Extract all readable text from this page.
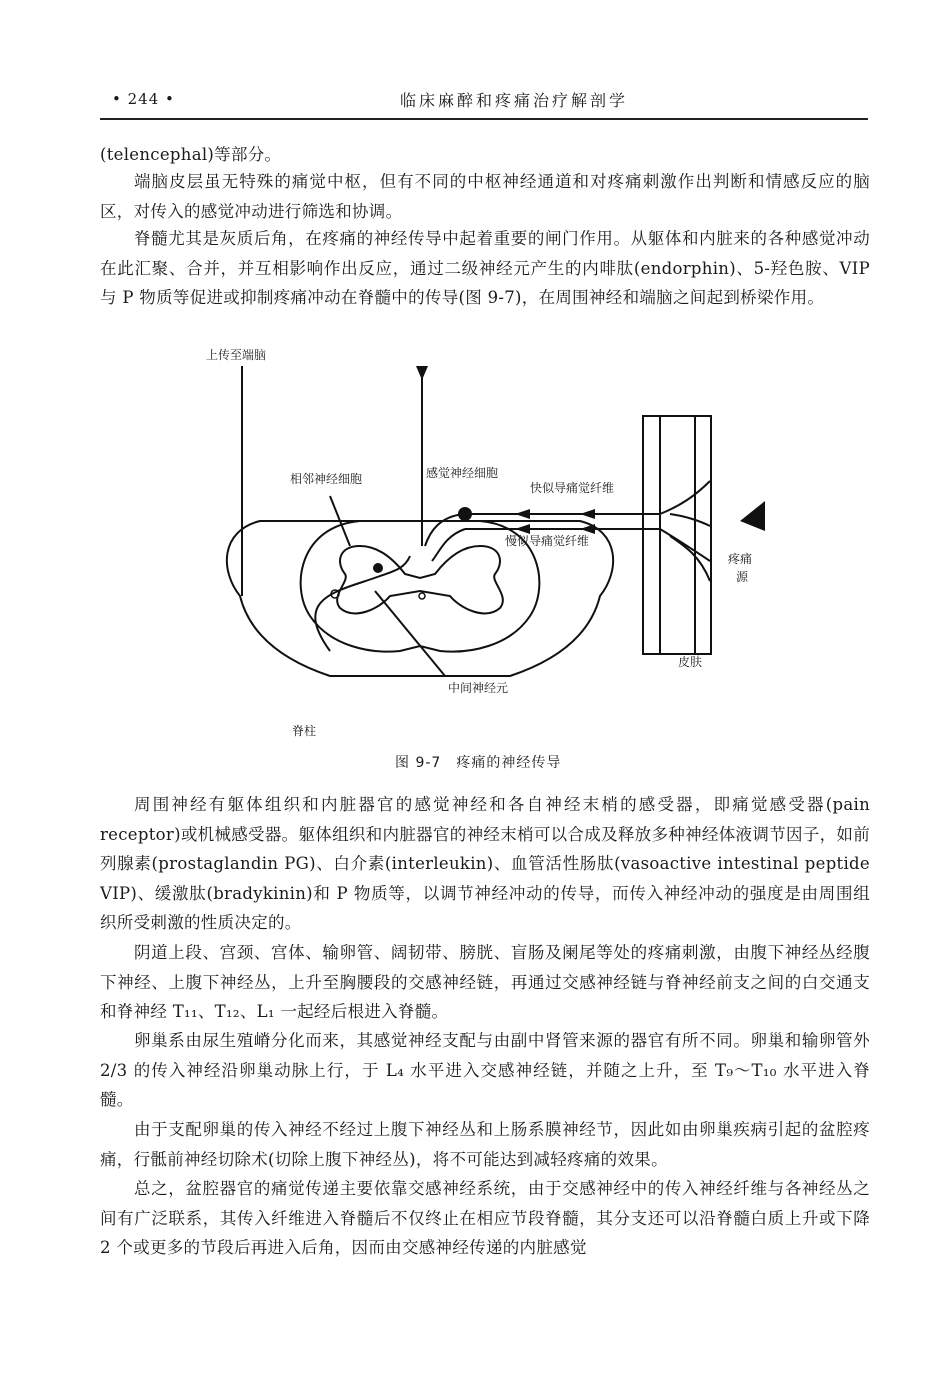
• 244 •	临床麻醉和疼痛治疗解剖学

(telencephal)等部分。

端脑皮层虽无特殊的痛觉中枢，但有不同的中枢神经通道和对疼痛刺激作出判断和情感反应的脑区，对传入的感觉冲动进行筛选和协调。

脊髓尤其是灰质后角，在疼痛的神经传导中起着重要的闸门作用。从躯体和内脏来的各种感觉冲动在此汇聚、合并，并互相影响作出反应，通过二级神经元产生的内啡肽(endorphin)、5-羟色胺、VIP 与 P 物质等促进或抑制疼痛冲动在脊髓中的传导(图 9-7)，在周围神经和端脑之间起到桥梁作用。

上传至端脑
相邻神经细胞	感觉神经细胞
快似导痛觉纤维
慢似导痛觉纤维
疼痛
源
皮肤
中间神经元
脊柱
图 9-7　疼痛的神经传导

周围神经有躯体组织和内脏器官的感觉神经和各自神经末梢的感受器，即痛觉感受器(pain receptor)或机械感受器。躯体组织和内脏器官的神经末梢可以合成及释放多种神经体液调节因子，如前列腺素(prostaglandin PG)、白介素(interleukin)、血管活性肠肽(vasoactive intestinal peptide VIP)、缓激肽(bradykinin)和 P 物质等，以调节神经冲动的传导，而传入神经冲动的强度是由周围组织所受刺激的性质决定的。

阴道上段、宫颈、宫体、输卵管、阔韧带、膀胱、盲肠及阑尾等处的疼痛刺激，由腹下神经丛经腹下神经、上腹下神经丛，上升至胸腰段的交感神经链，再通过交感神经链与脊神经前支之间的白交通支和脊神经 T₁₁、T₁₂、L₁ 一起经后根进入脊髓。

卵巢系由尿生殖嵴分化而来，其感觉神经支配与由副中肾管来源的器官有所不同。卵巢和输卵管外 2/3 的传入神经沿卵巢动脉上行，于 L₄ 水平进入交感神经链，并随之上升，至 T₉～T₁₀ 水平进入脊髓。

由于支配卵巢的传入神经不经过上腹下神经丛和上肠系膜神经节，因此如由卵巢疾病引起的盆腔疼痛，行骶前神经切除术(切除上腹下神经丛)，将不可能达到减轻疼痛的效果。

总之，盆腔器官的痛觉传递主要依靠交感神经系统，由于交感神经中的传入神经纤维与各神经丛之间有广泛联系，其传入纤维进入脊髓后不仅终止在相应节段脊髓，其分支还可以沿脊髓白质上升或下降 2 个或更多的节段后再进入后角，因而由交感神经传递的内脏感觉
